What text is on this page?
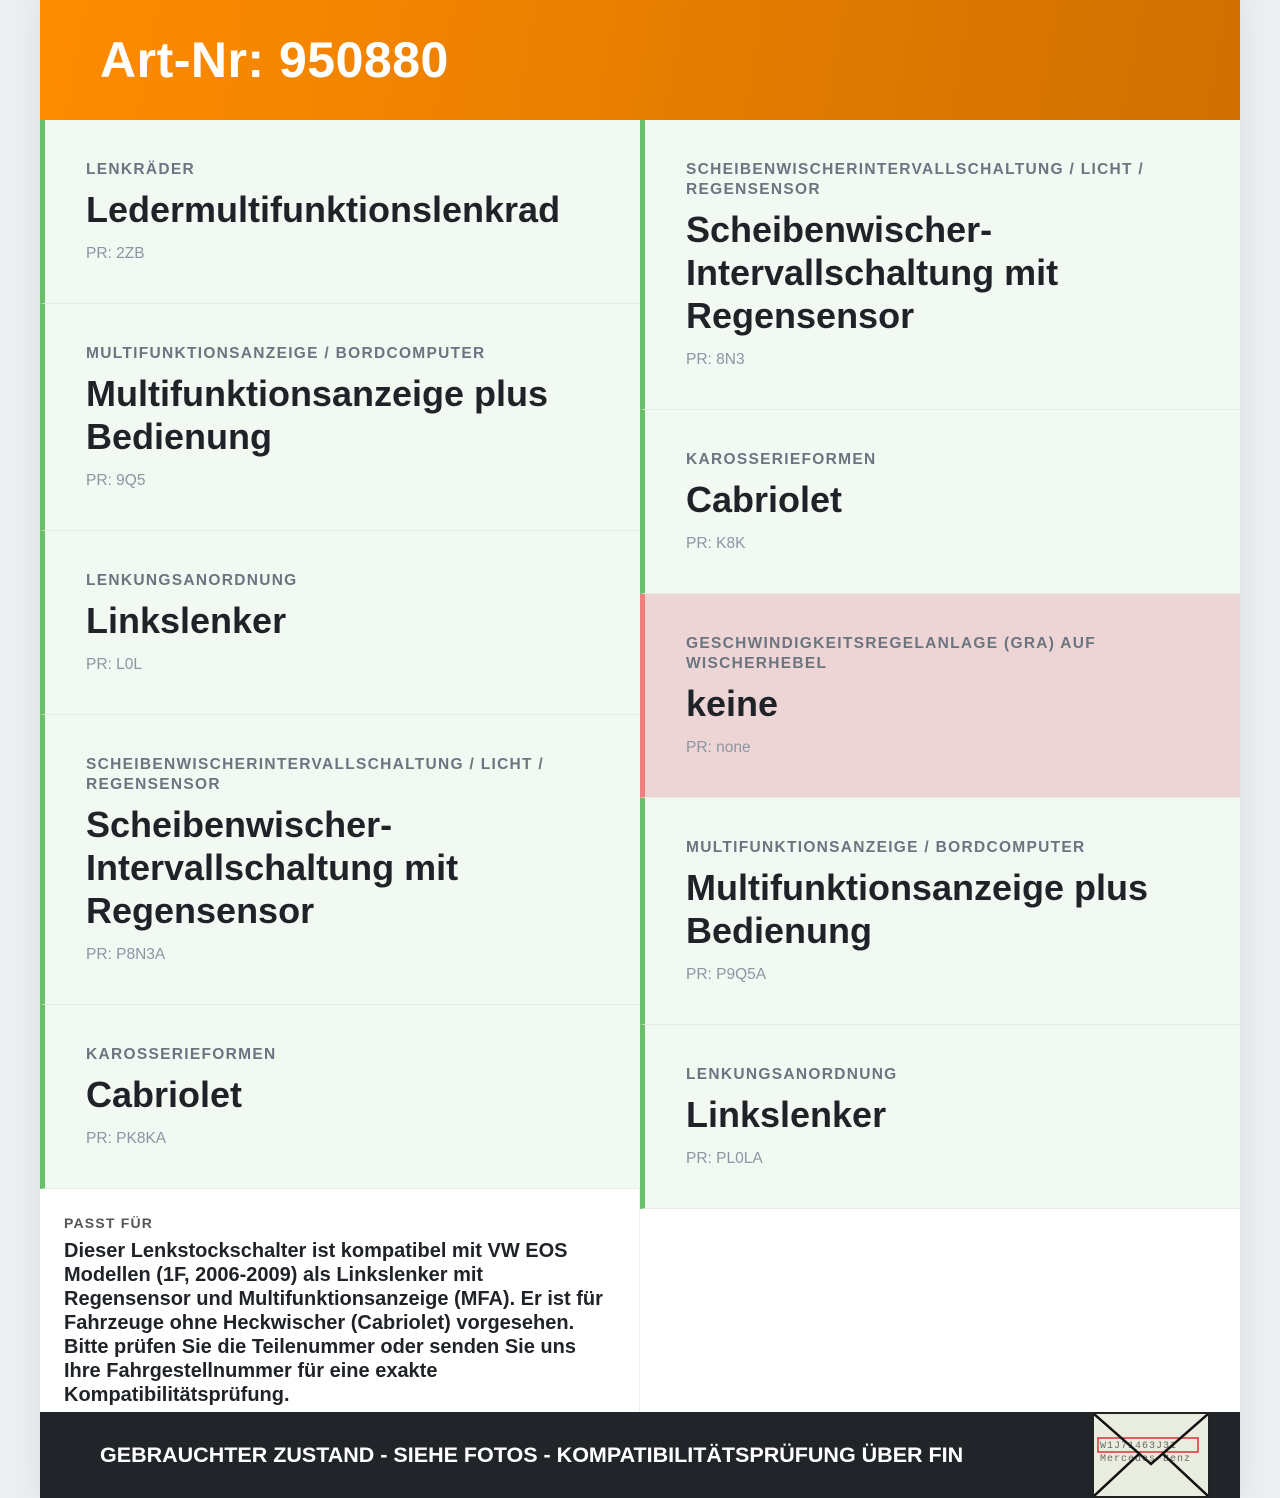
Art-Nr: 950880
LENKRÄDER
Ledermultifunktionslenkrad
PR: 2ZB
MULTIFUNKTIONSANZEIGE / BORDCOMPUTER
Multifunktionsanzeige plus Bedienung
PR: 9Q5
LENKUNGSANORDNUNG
Linkslenker
PR: L0L
SCHEIBENWISCHERINTERVALLSCHALTUNG / LICHT / REGENSENSOR
Scheibenwischer-Intervallschaltung mit Regensensor
PR: P8N3A
KAROSSERIEFORMEN
Cabriolet
PR: PK8KA
PASST FÜR
Dieser Lenkstockschalter ist kompatibel mit VW EOS Modellen (1F, 2006-2009) als Linkslenker mit Regensensor und Multifunktionsanzeige (MFA). Er ist für Fahrzeuge ohne Heckwischer (Cabriolet) vorgesehen. Bitte prüfen Sie die Teilenummer oder senden Sie uns Ihre Fahrgestellnummer für eine exakte Kompatibilitätsprüfung.
SCHEIBENWISCHERINTERVALLSCHALTUNG / LICHT / REGENSENSOR
Scheibenwischer-Intervallschaltung mit Regensensor
PR: 8N3
KAROSSERIEFORMEN
Cabriolet
PR: K8K
GESCHWINDIGKEITSREGELANLAGE (GRA) AUF WISCHERHEBEL
keine
PR: none
MULTIFUNKTIONSANZEIGE / BORDCOMPUTER
Multifunktionsanzeige plus Bedienung
PR: P9Q5A
LENKUNGSANORDNUNG
Linkslenker
PR: PL0LA
GEBRAUCHTER ZUSTAND - SIEHE FOTOS - KOMPATIBILITÄTSPRÜFUNG ÜBER FIN	W1J71463J31 Mercedes-Benz
